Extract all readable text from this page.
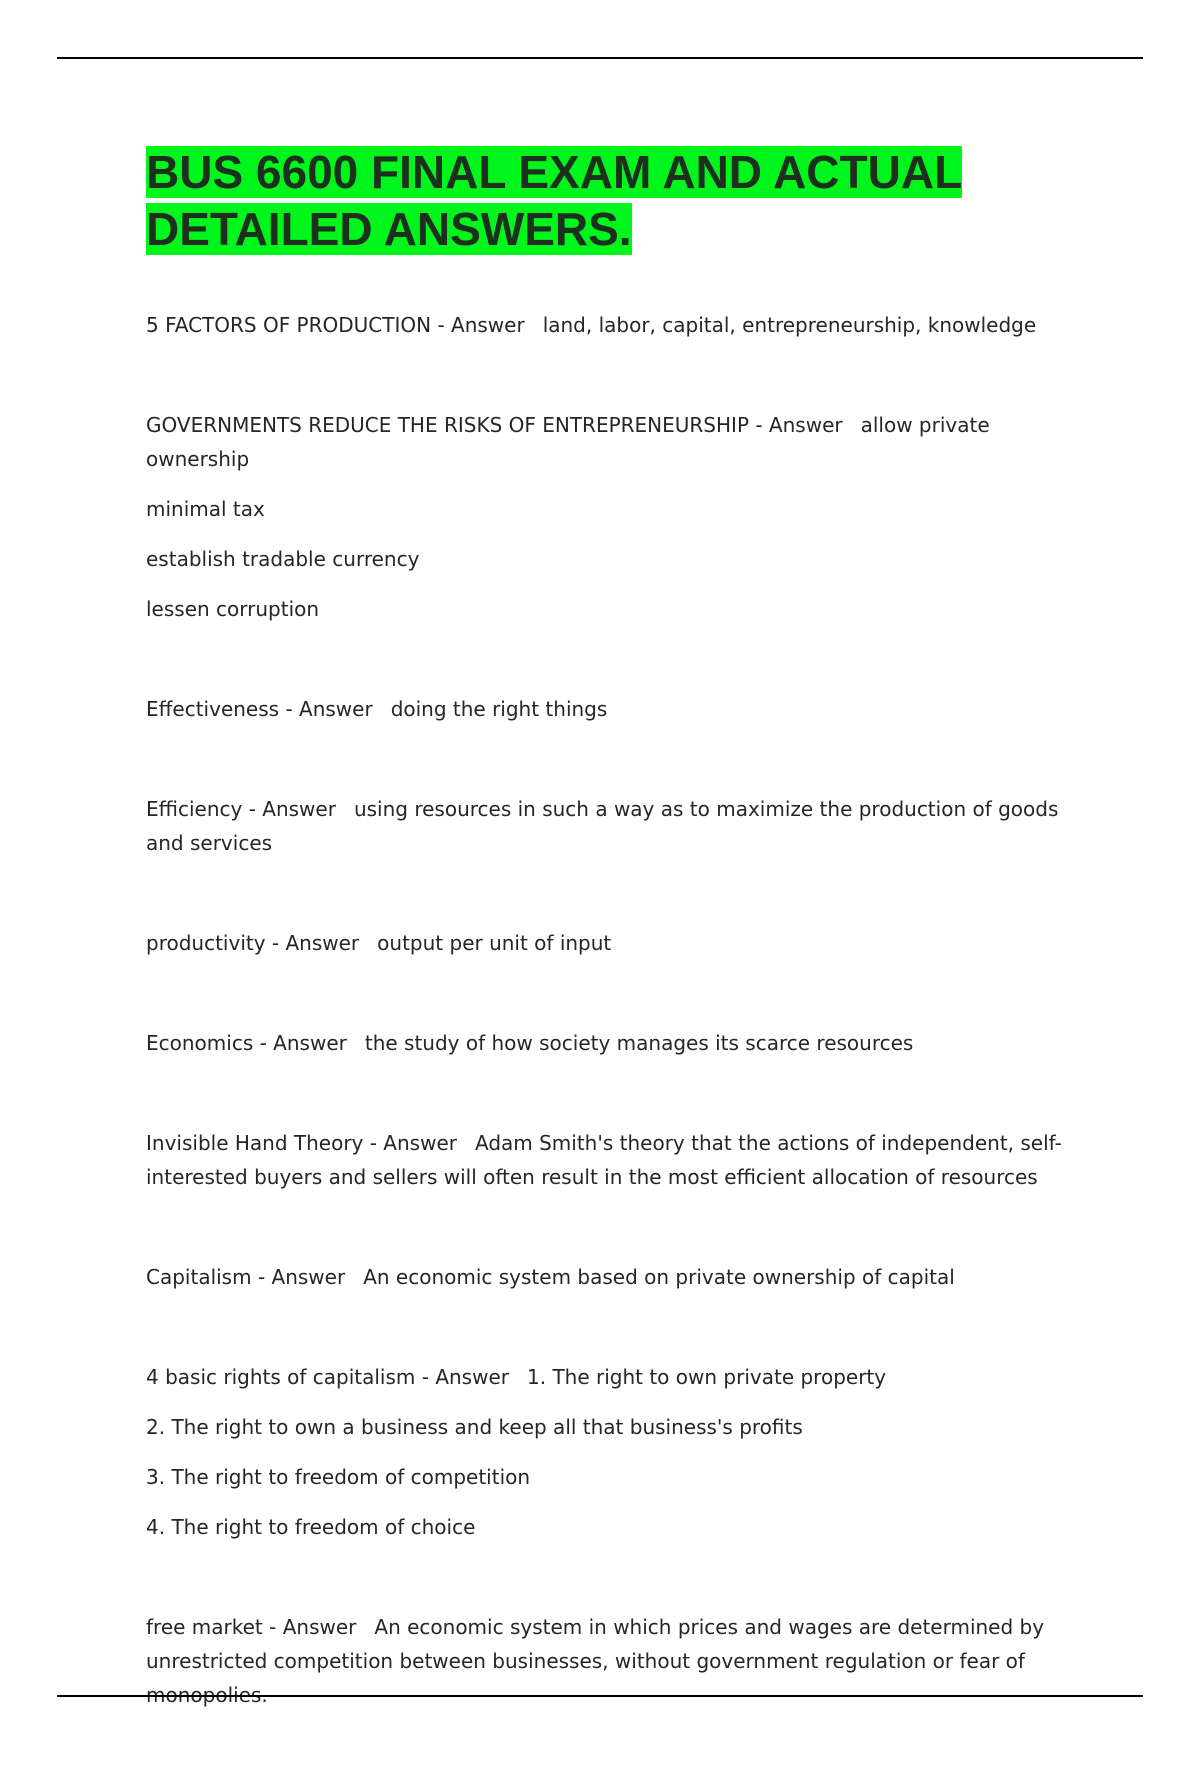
BUS 6600 FINAL EXAM AND ACTUAL
DETAILED ANSWERS.
5 FACTORS OF PRODUCTION - Answer land, labor, capital, entrepreneurship, knowledge
GOVERNMENTS REDUCE THE RISKS OF ENTREPRENEURSHIP - Answer allow private ownership
minimal tax
establish tradable currency
lessen corruption
Effectiveness - Answer doing the right things
Efficiency - Answer using resources in such a way as to maximize the production of goods and services
productivity - Answer output per unit of input
Economics - Answer the study of how society manages its scarce resources
Invisible Hand Theory - Answer Adam Smith's theory that the actions of independent, self-interested buyers and sellers will often result in the most efficient allocation of resources
Capitalism - Answer An economic system based on private ownership of capital
4 basic rights of capitalism - Answer 1. The right to own private property
2. The right to own a business and keep all that business's profits
3. The right to freedom of competition
4. The right to freedom of choice
free market - Answer An economic system in which prices and wages are determined by unrestricted competition between businesses, without government regulation or fear of monopolies.
